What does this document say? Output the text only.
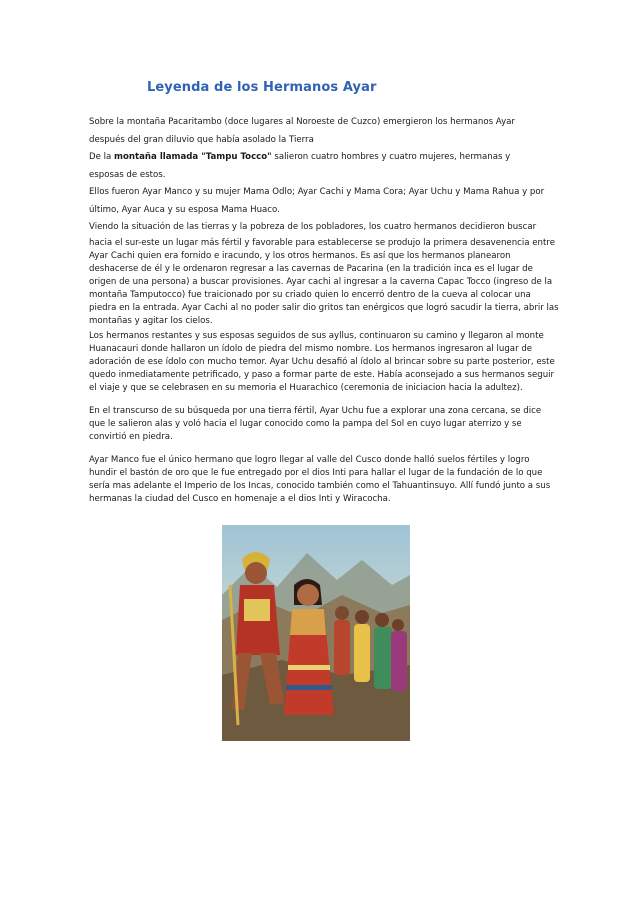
Leyenda de los Hermanos Ayar

Sobre la montaña Pacaritambo (doce lugares al Noroeste de Cuzco) emergieron los hermanos Ayar
después del gran diluvio que había asolado la Tierra
De la montaña llamada "Tampu Tocco" salieron cuatro hombres y cuatro mujeres, hermanas y
esposas de estos.
Ellos fueron Ayar Manco y su mujer Mama Odlo; Ayar Cachi y Mama Cora; Ayar Uchu y Mama Rahua y por
último, Ayar Auca y su esposa Mama Huaco.
Viendo la situación de las tierras y la pobreza de los pobladores, los cuatro hermanos decidieron buscar

hacia el sur-este un lugar más fértil y favorable para establecerse se produjo la primera desavenencia entre Ayar Cachi quien era fornido e iracundo, y los otros hermanos. Es así que los hermanos planearon deshacerse de él y le ordenaron regresar a las cavernas de Pacarina (en la tradición inca es el lugar de origen de una persona) a buscar provisiones. Ayar cachi al ingresar a la caverna Capac Tocco (ingreso de la montaña Tamputocco) fue traicionado por su criado quien lo encerró dentro de la cueva al colocar una piedra en la entrada. Ayar Cachi al no poder salir dio gritos tan enérgicos que logró sacudir la tierra, abrir las montañas y agitar los cielos.

Los hermanos restantes y sus esposas seguidos de sus ayllus, continuaron su camino y llegaron al monte Huanacauri donde hallaron un ídolo de piedra del mismo nombre. Los hermanos ingresaron al lugar de adoración de ese ídolo con mucho temor. Ayar Uchu desafió al ídolo al brincar sobre su parte posterior, este quedo inmediatamente petrificado, y paso a formar parte de este. Había aconsejado a sus hermanos seguir el viaje y que se celebrasen en su memoria el Huarachico (ceremonia de iniciacion hacia la adultez).

En el transcurso de su búsqueda por una tierra fértil, Ayar Uchu fue a explorar una zona cercana, se dice que le salieron alas y voló hacia el lugar conocido como la pampa del Sol en cuyo lugar aterrizo y se convirtió en piedra.

Ayar Manco fue el único hermano que logro llegar al valle del Cusco donde halló suelos fértiles y logro hundir el bastón de oro que le fue entregado por el dios Inti para hallar el lugar de la fundación de lo que sería mas adelante el Imperio de los Incas, conocido también como el Tahuantinsuyo. Allí fundó junto a sus hermanas la ciudad del Cusco en homenaje a el dios Inti y Wiracocha.
